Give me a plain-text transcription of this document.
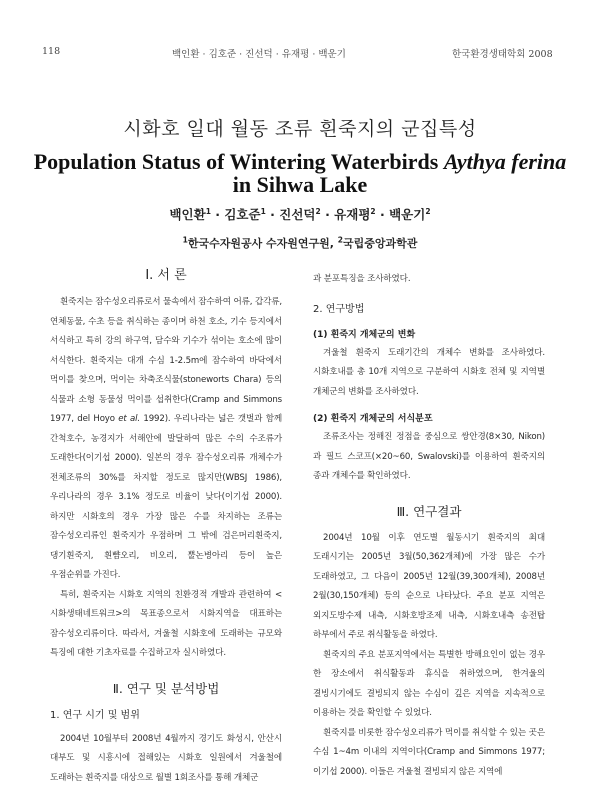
118	백인환 · 김호준 · 진선덕 · 유재평 · 백운기	한국환경생태학회 2008
시화호 일대 월동 조류 흰죽지의 군집특성
Population Status of Wintering Waterbirds Aythya ferina
in Sihwa Lake
백인환$^1$ · 김호준$^1$ · 진선덕$^2$ · 유재평$^2$ · 백운기$^2$
$^1$한국수자원공사 수자원연구원, $^2$국립중앙과학관
Ⅰ. 서 론

흰죽지는 잠수성오리류로서 물속에서 잠수하여 어류, 갑각류, 연체동물, 수초 등을 취식하는 종이며 하천 호소, 기수 등지에서 서식하고 특히 강의 하구역, 담수와 기수가 섞이는 호소에 많이 서식한다. 흰죽지는 대개 수심 1-2.5m에 잠수하여 바닥에서 먹이를 찾으며, 먹이는 차축조식물(stoneworts Chara) 등의 식물과 소형 동물성 먹이를 섭취한다(Cramp and Simmons 1977, del Hoyo et al. 1992). 우리나라는 넓은 갯벌과 함께 간척호수, 농경지가 서해안에 발달하여 많은 수의 수조류가 도래한다(이기섭 2000). 일본의 경우 잠수성오리류 개체수가 전체조류의 30%를 차지할 정도로 많지만(WBSJ 1986), 우리나라의 경우 3.1% 정도로 비율이 낮다(이기섭 2000). 하지만 시화호의 경우 가장 많은 수를 차지하는 조류는 잠수성오리류인 흰죽지가 우점하며 그 밖에 검은머리흰죽지, 댕기흰죽지, 흰뺨오리, 비오리, 뿔논병아리 등이 높은 우점순위를 가진다.

특히, 흰죽지는 시화호 지역의 친환경적 개발과 관련하여 <시화생태네트워크>의 목표종으로서 시화지역을 대표하는 잠수성오리류이다. 따라서, 겨울철 시화호에 도래하는 규모와 특징에 대한 기초자료를 수집하고자 실시하였다.

Ⅱ. 연구 및 분석방법
1. 연구 시기 및 범위

2004년 10월부터 2008년 4월까지 경기도 화성시, 안산시 대부도 및 시흥시에 접해있는 시화호 일원에서 겨울철에 도래하는 흰죽지를 대상으로 월별 1회조사를 통해 개체군

과 분포특징을 조사하였다.

2. 연구방법
(1) 흰죽지 개체군의 변화

겨울철 흰죽지 도래기간의 개체수 변화를 조사하였다. 시화호내를 총 10개 지역으로 구분하여 시화호 전체 및 지역별 개체군의 변화를 조사하였다.

(2) 흰죽지 개체군의 서식분포

조류조사는 정해진 정점을 중심으로 쌍안경(8×30, Nikon)과 필드 스코프(×20~60, Swalovski)를 이용하여 흰죽지의 종과 개체수를 확인하였다.

Ⅲ. 연구결과

2004년 10월 이후 연도별 월동시기 흰죽지의 최대 도래시기는 2005년 3월(50,362개체)에 가장 많은 수가 도래하였고, 그 다음이 2005년 12월(39,300개체), 2008년 2월(30,150개체) 등의 순으로 나타났다. 주요 분포 지역은 외지도방수제 내측, 시화호방조제 내측, 시화호내측 송전탑 하부에서 주로 취식활동을 하였다.

흰죽지의 주요 분포지역에서는 특별한 방해요인이 없는 경우 한 장소에서 취식활동과 휴식을 취하였으며, 한겨울의 결빙시기에도 결빙되지 않는 수심이 깊은 지역을 지속적으로 이용하는 것을 확인할 수 있었다.

흰죽지를 비롯한 잠수성오리류가 먹이를 취식할 수 있는 곳은 수심 1~4m 이내의 지역이다(Cramp and Simmons 1977; 이기섭 2000). 이들은 겨울철 결빙되지 않은 지역에
